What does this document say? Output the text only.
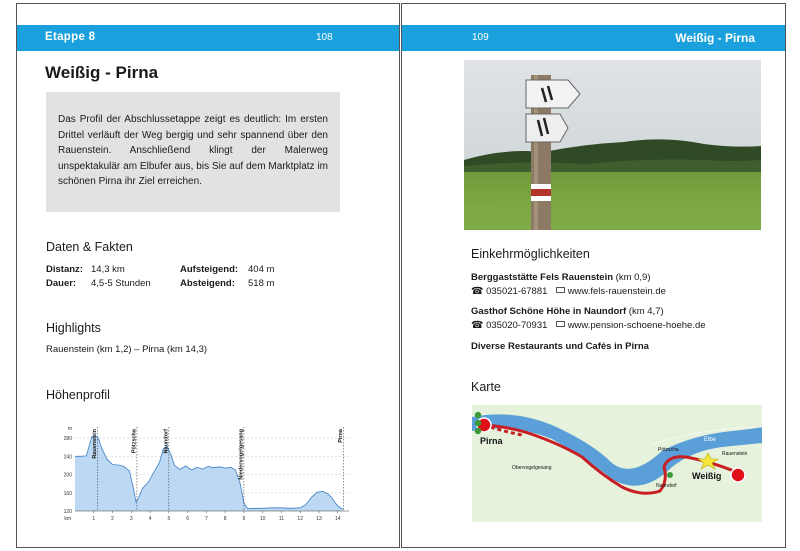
Etappe 8	108
Weißig - Pirna
Das Profil der Abschlussetappe zeigt es deutlich: Im ersten Drittel verläuft der Weg bergig und sehr spannend über den Rauenstein. Anschließend klingt der Malerweg unspektakulär am Elbufer aus, bis Sie auf dem Marktplatz im schönen Pirna ihr Ziel erreichen.
Daten & Fakten
Distanz: 14,3 km
Dauer: 4,5-5 Stunden
Aufsteigend: 404 m
Absteigend: 518 m
Highlights
Rauenstein (km 1,2) – Pirna (km 14,3)
Höhenprofil
120
160
200
240
280
m
km	1	2	3	4	5	6	7	8	9	10	11	12	13	14
Rauenstein	Pötzscha	Naundorf	Niedervogelgesang	Pirna
109	Weißig - Pirna
Einkehrmöglichkeiten
Berggaststätte Fels Rauenstein (km 0,9)
☎ 035021-67881 www.fels-rauenstein.de
Gasthof Schöne Höhe in Naundorf (km 4,7)
☎ 035020-70931 www.pension-schoene-hoehe.de
Diverse Restaurants und Cafés in Pirna
Karte
Pirna
Weißig
Elbe
Rauenstein
Pötzscha
Obervogelgesang
Naundorf
